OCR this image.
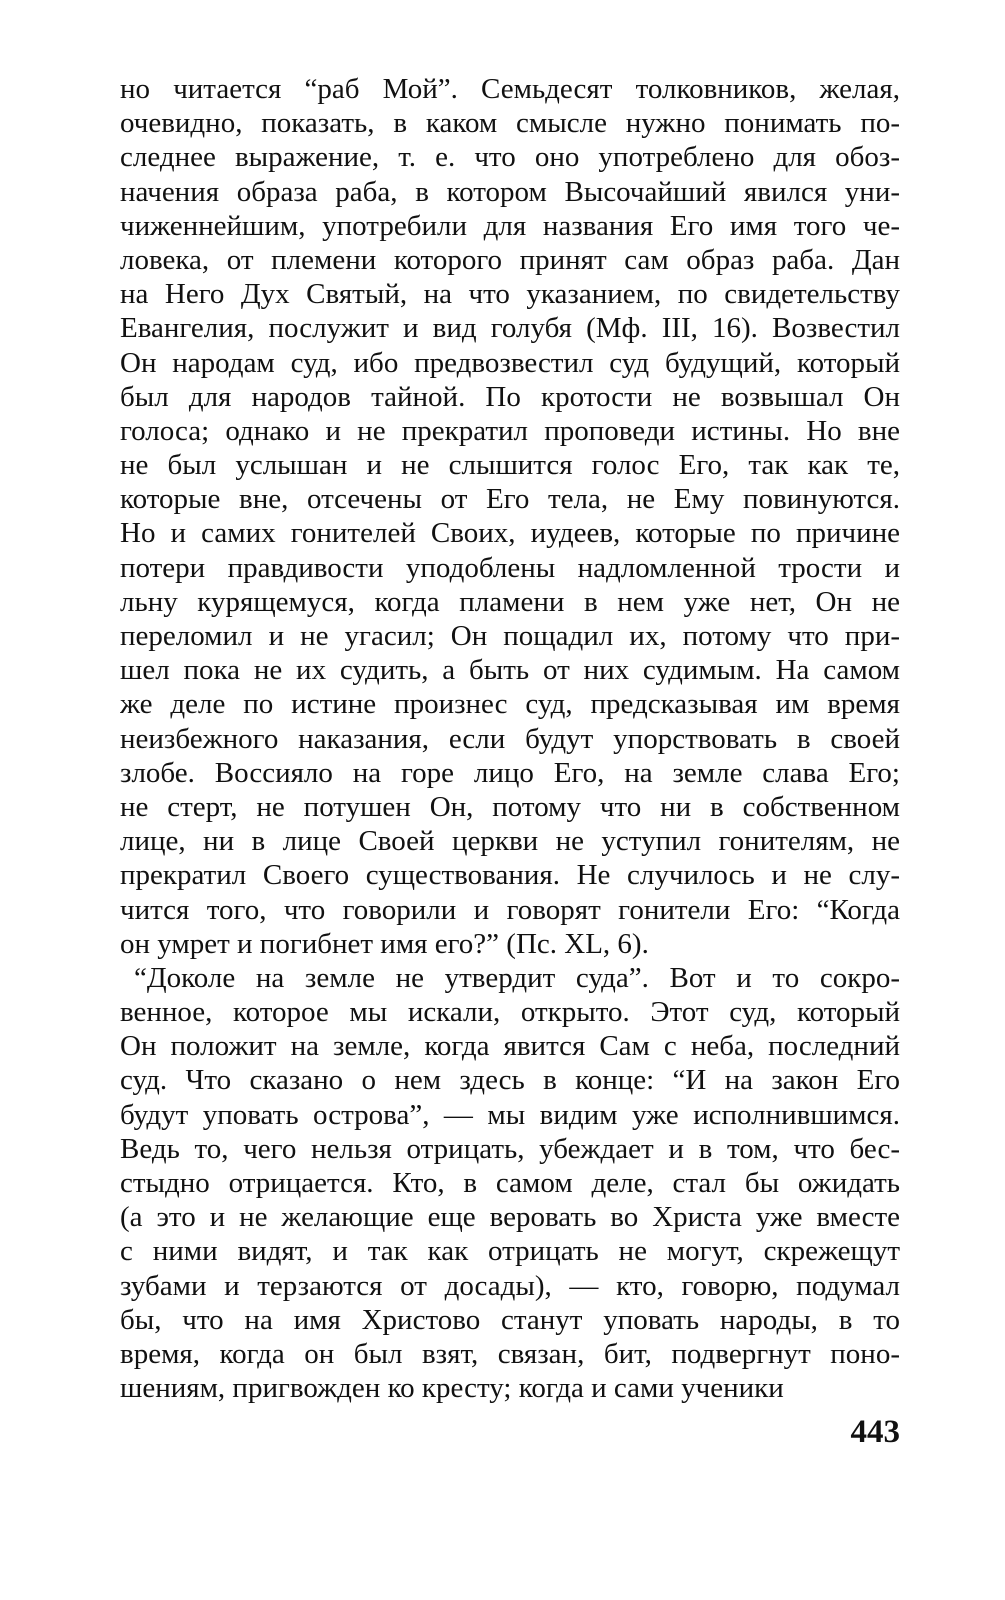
но читается “раб Мой”. Семьдесят толковников, желая,
очевидно, показать, в каком смысле нужно понимать по-
следнее выражение, т. е. что оно употреблено для обоз-
начения образа раба, в котором Высочайший явился уни-
чиженнейшим, употребили для названия Его имя того че-
ловека, от племени которого принят сам образ раба. Дан
на Него Дух Святый, на что указанием, по свидетельству
Евангелия, послужит и вид голубя (Мф. III, 16). Возвестил
Он народам суд, ибо предвозвестил суд будущий, который
был для народов тайной. По кротости не возвышал Он
голоса; однако и не прекратил проповеди истины. Но вне
не был услышан и не слышится голос Его, так как те,
которые вне, отсечены от Его тела, не Ему повинуются.
Но и самих гонителей Своих, иудеев, которые по причине
потери правдивости уподоблены надломленной трости и
льну курящемуся, когда пламени в нем уже нет, Он не
переломил и не угасил; Он пощадил их, потому что при-
шел пока не их судить, а быть от них судимым. На самом
же деле по истине произнес суд, предсказывая им время
неизбежного наказания, если будут упорствовать в своей
злобе. Воссияло на горе лицо Его, на земле слава Его;
не стерт, не потушен Он, потому что ни в собственном
лице, ни в лице Своей церкви не уступил гонителям, не
прекратил Своего существования. Не случилось и не слу-
чится того, что говорили и говорят гонители Его: “Когда
он умрет и погибнет имя его?” (Пс. XL, 6).
“Доколе на земле не утвердит суда”. Вот и то сокро-
венное, которое мы искали, открыто. Этот суд, который
Он положит на земле, когда явится Сам с неба, последний
суд. Что сказано о нем здесь в конце: “И на закон Его
будут уповать острова”, — мы видим уже исполнившимся.
Ведь то, чего нельзя отрицать, убеждает и в том, что бес-
стыдно отрицается. Кто, в самом деле, стал бы ожидать
(а это и не желающие еще веровать во Христа уже вместе
с ними видят, и так как отрицать не могут, скрежещут
зубами и терзаются от досады), — кто, говорю, подумал
бы, что на имя Христово станут уповать народы, в то
время, когда он был взят, связан, бит, подвергнут поно-
шениям, пригвожден ко кресту; когда и сами ученики
443
